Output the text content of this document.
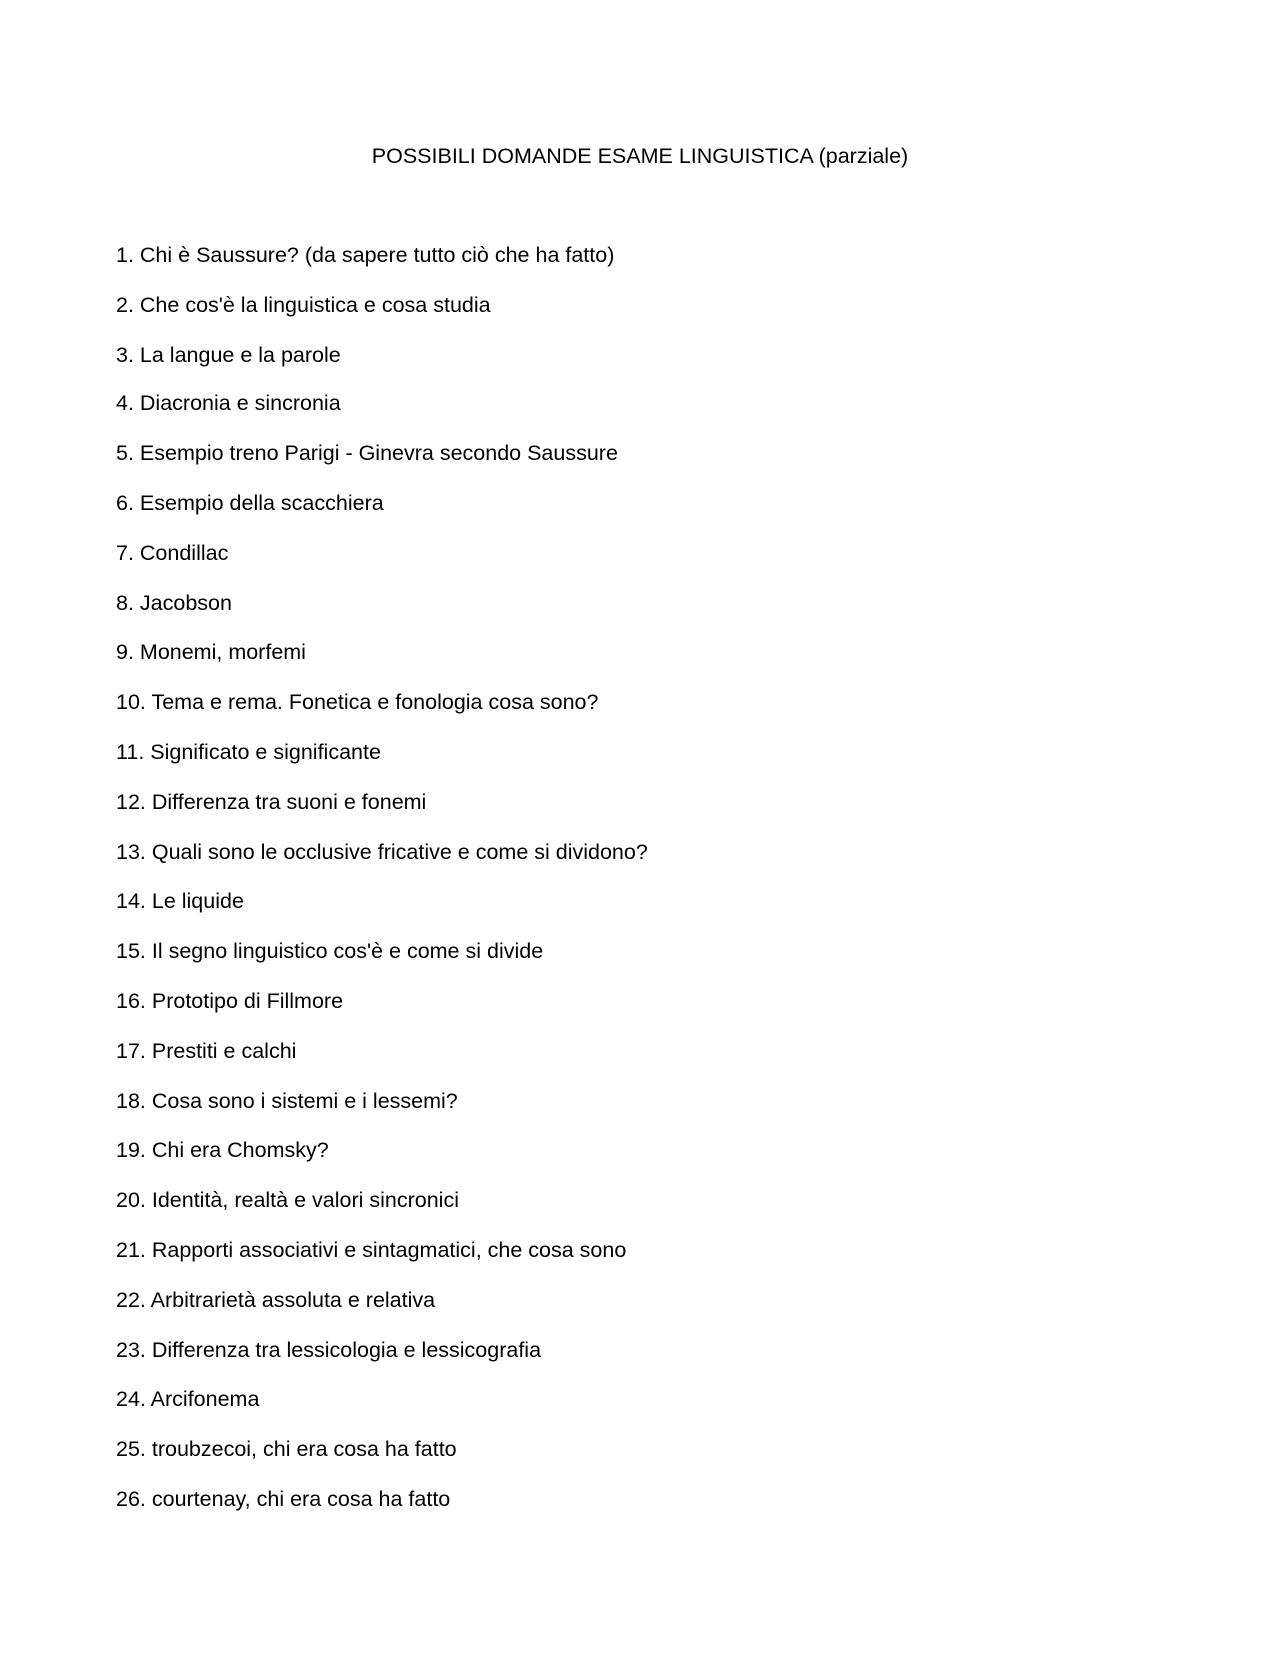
POSSIBILI DOMANDE ESAME LINGUISTICA (parziale)
1. Chi è Saussure? (da sapere tutto ciò che ha fatto)
2. Che cos'è la linguistica e cosa studia
3. La langue e la parole
4. Diacronia e sincronia
5. Esempio treno Parigi - Ginevra secondo Saussure
6. Esempio della scacchiera
7. Condillac
8. Jacobson
9. Monemi, morfemi
10. Tema e rema. Fonetica e fonologia cosa sono?
11. Significato e significante
12. Differenza tra suoni e fonemi
13. Quali sono le occlusive fricative e come si dividono?
14. Le liquide
15. Il segno linguistico cos'è e come si divide
16. Prototipo di Fillmore
17. Prestiti e calchi
18. Cosa sono i sistemi e i lessemi?
19. Chi era Chomsky?
20. Identità, realtà e valori sincronici
21. Rapporti associativi e sintagmatici, che cosa sono
22. Arbitrarietà assoluta e relativa
23. Differenza tra lessicologia e lessicografia
24. Arcifonema
25. troubzecoi, chi era cosa ha fatto
26. courtenay, chi era cosa ha fatto
